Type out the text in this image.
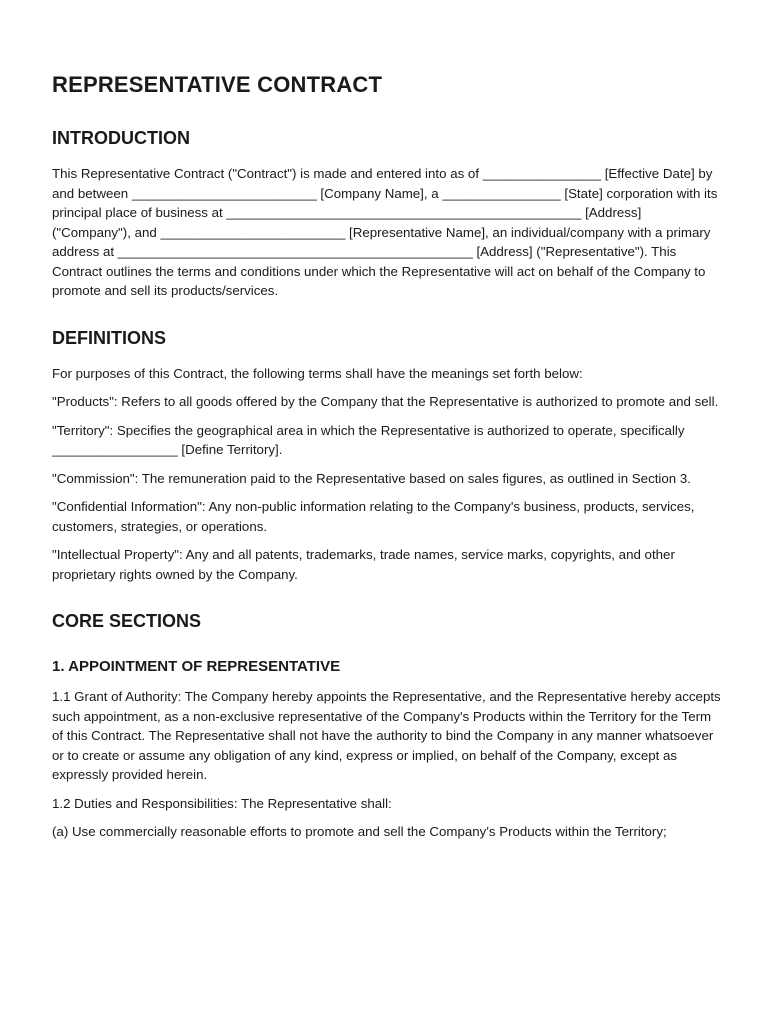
REPRESENTATIVE CONTRACT
INTRODUCTION

This Representative Contract ("Contract") is made and entered into as of ________________ [Effective Date] by and between _________________________ [Company Name], a ________________ [State] corporation with its principal place of business at ________________________________________________ [Address] ("Company"), and _________________________ [Representative Name], an individual/company with a primary address at ________________________________________________ [Address] ("Representative"). This Contract outlines the terms and conditions under which the Representative will act on behalf of the Company to promote and sell its products/services.

DEFINITIONS

For purposes of this Contract, the following terms shall have the meanings set forth below:

"Products": Refers to all goods offered by the Company that the Representative is authorized to promote and sell.

"Territory": Specifies the geographical area in which the Representative is authorized to operate, specifically _________________ [Define Territory].

"Commission": The remuneration paid to the Representative based on sales figures, as outlined in Section 3.

"Confidential Information": Any non-public information relating to the Company's business, products, services, customers, strategies, or operations.

"Intellectual Property": Any and all patents, trademarks, trade names, service marks, copyrights, and other proprietary rights owned by the Company.

CORE SECTIONS
1. APPOINTMENT OF REPRESENTATIVE

1.1 Grant of Authority: The Company hereby appoints the Representative, and the Representative hereby accepts such appointment, as a non-exclusive representative of the Company's Products within the Territory for the Term of this Contract. The Representative shall not have the authority to bind the Company in any manner whatsoever or to create or assume any obligation of any kind, express or implied, on behalf of the Company, except as expressly provided herein.

1.2 Duties and Responsibilities: The Representative shall:

(a) Use commercially reasonable efforts to promote and sell the Company's Products within the Territory;
